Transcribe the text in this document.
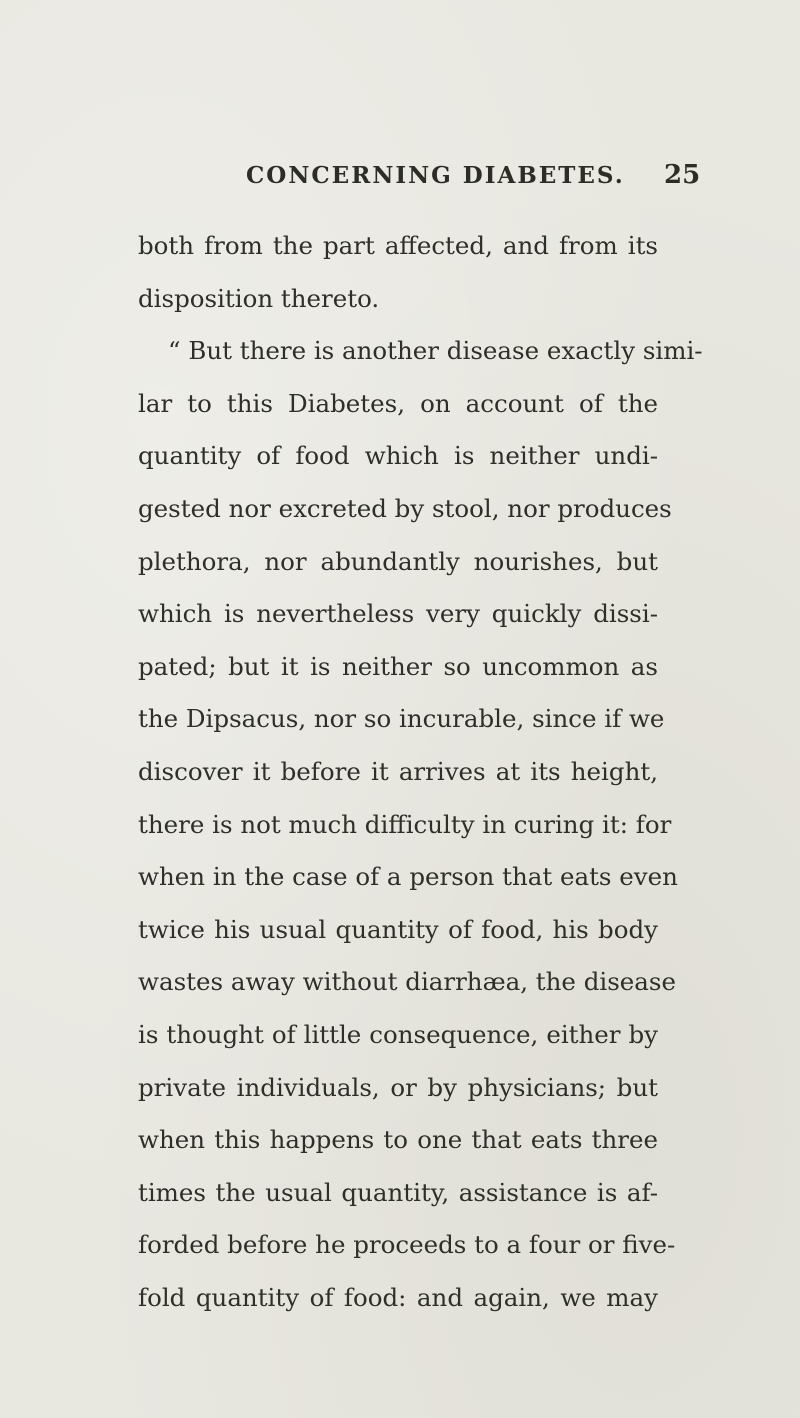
CONCERNING DIABETES. 25
both from the part affected, and from its
disposition thereto.
“ But there is another disease exactly simi-
lar to this Diabetes, on account of the
quantity of food which is neither undi-
gested nor excreted by stool, nor produces
plethora, nor abundantly nourishes, but
which is nevertheless very quickly dissi-
pated; but it is neither so uncommon as
the Dipsacus, nor so incurable, since if we
discover it before it arrives at its height,
there is not much difficulty in curing it: for
when in the case of a person that eats even
twice his usual quantity of food, his body
wastes away without diarrhæa, the disease
is thought of little consequence, either by
private individuals, or by physicians; but
when this happens to one that eats three
times the usual quantity, assistance is af-
forded before he proceeds to a four or five-
fold quantity of food: and again, we may
